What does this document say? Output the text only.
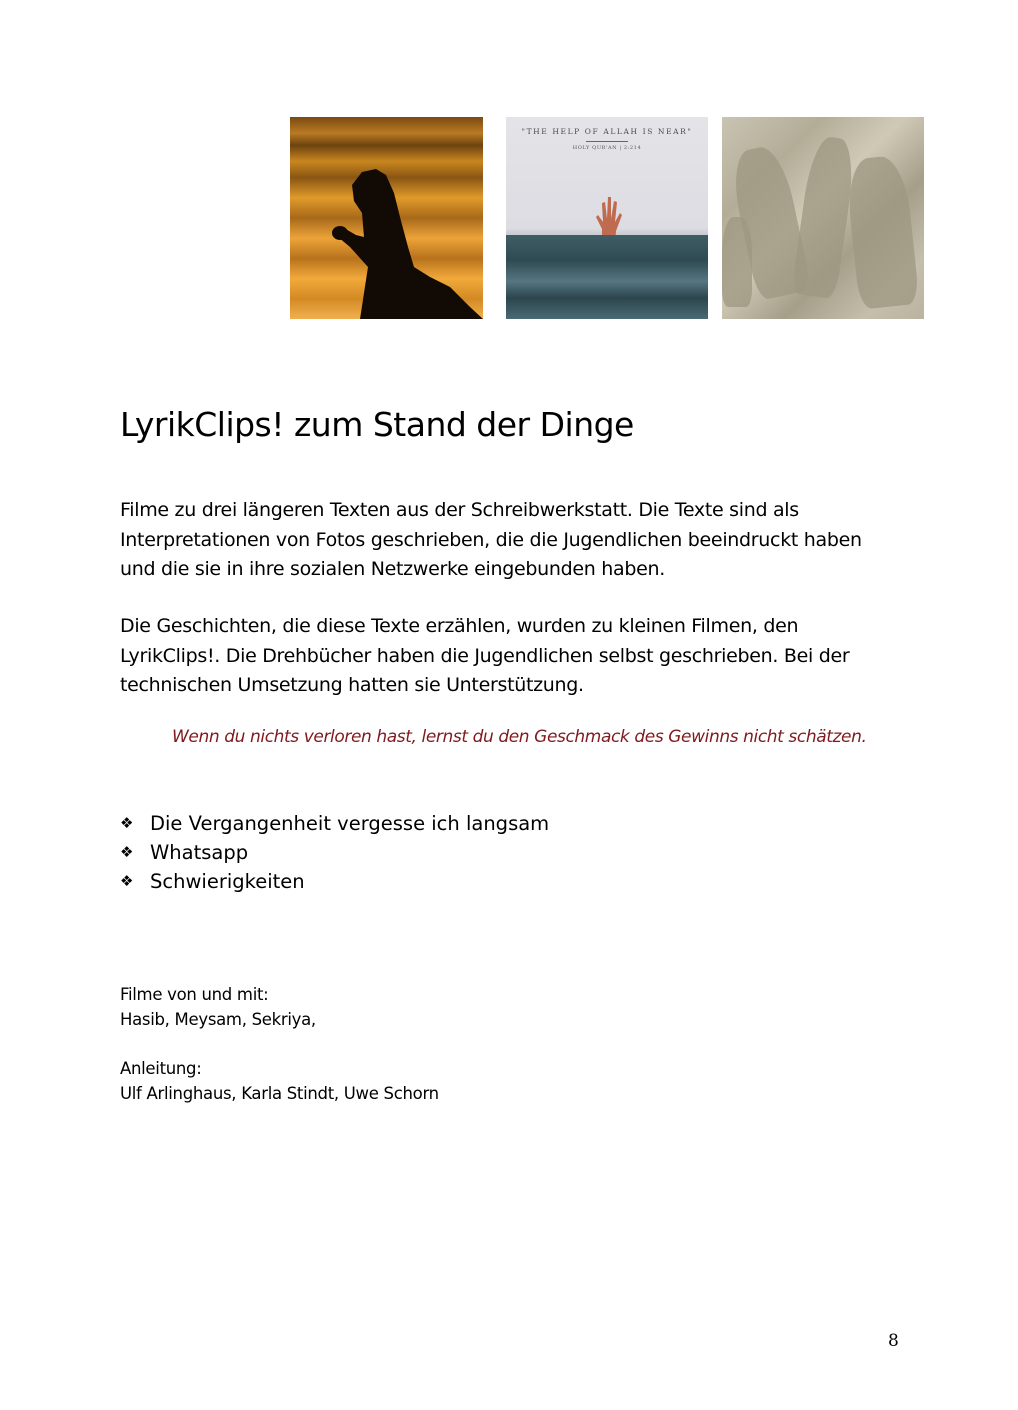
"THE HELP OF ALLAH IS NEAR"
HOLY QUR'AN | 2:214
LyrikClips! zum Stand der Dinge

Filme zu drei längeren Texten aus der Schreibwerkstatt. Die Texte sind als Interpretationen von Fotos geschrieben, die die Jugendlichen beeindruckt haben und die sie in ihre sozialen Netzwerke eingebunden haben.

Die Geschichten, die diese Texte erzählen, wurden zu kleinen Filmen, den LyrikClips!. Die Drehbücher haben die Jugendlichen selbst geschrieben. Bei der technischen Umsetzung hatten sie Unterstützung.

Wenn du nichts verloren hast, lernst du den Geschmack des Gewinns nicht schätzen.

❖ Die Vergangenheit vergesse ich langsam
❖ Whatsapp
❖ Schwierigkeiten
Filme von und mit:
Hasib, Meysam, Sekriya,
Anleitung:
Ulf Arlinghaus, Karla Stindt, Uwe Schorn
8
